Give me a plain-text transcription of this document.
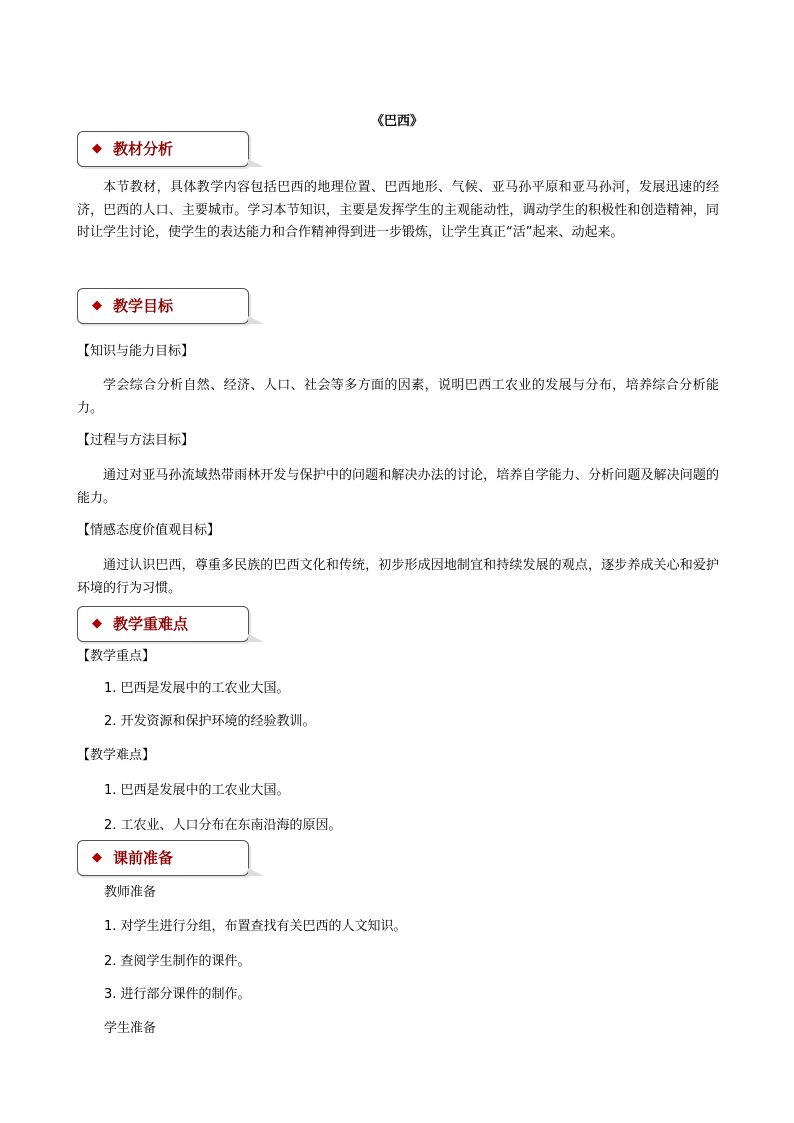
《巴西》
◆ 教材分析
本节教材，具体教学内容包括巴西的地理位置、巴西地形、气候、亚马孙平原和亚马孙河，发展迅速的经济，巴西的人口、主要城市。学习本节知识，主要是发挥学生的主观能动性，调动学生的积极性和创造精神，同时让学生讨论，使学生的表达能力和合作精神得到进一步锻炼，让学生真正“活”起来、动起来。
◆ 教学目标
【知识与能力目标】
学会综合分析自然、经济、人口、社会等多方面的因素，说明巴西工农业的发展与分布，培养综合分析能力。
【过程与方法目标】
通过对亚马孙流域热带雨林开发与保护中的问题和解决办法的讨论，培养自学能力、分析问题及解决问题的能力。
【情感态度价值观目标】
通过认识巴西，尊重多民族的巴西文化和传统，初步形成因地制宜和持续发展的观点，逐步养成关心和爱护环境的行为习惯。
◆ 教学重难点
【教学重点】
1. 巴西是发展中的工农业大国。
2. 开发资源和保护环境的经验教训。
【教学难点】
1. 巴西是发展中的工农业大国。
2. 工农业、人口分布在东南沿海的原因。
◆ 课前准备
教师准备
1. 对学生进行分组，布置查找有关巴西的人文知识。
2. 查阅学生制作的课件。
3. 进行部分课件的制作。
学生准备
